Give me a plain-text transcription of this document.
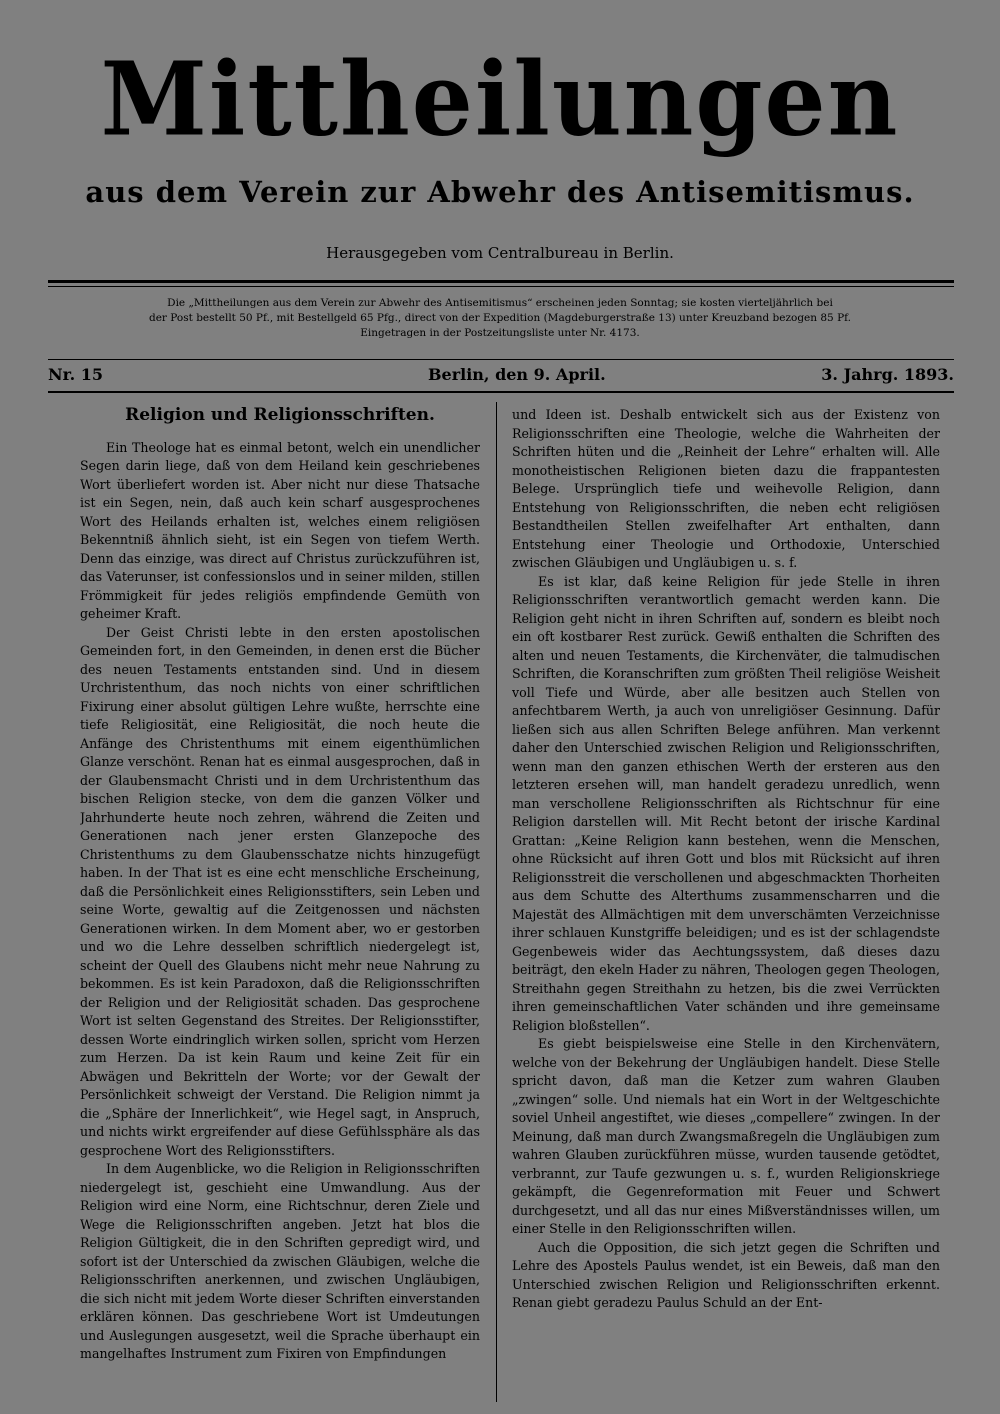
Mittheilungen
aus dem Verein zur Abwehr des Antisemitismus.
Herausgegeben vom Centralbureau in Berlin.
Die „Mittheilungen aus dem Verein zur Abwehr des Antisemitismus“ erscheinen jeden Sonntag; sie kosten vierteljährlich bei
der Post bestellt 50 Pf., mit Bestellgeld 65 Pfg., direct von der Expedition (Magdeburgerstraße 13) unter Kreuzband bezogen 85 Pf.
Eingetragen in der Postzeitungsliste unter Nr. 4173.
Nr. 15	Berlin, den 9. April.	3. Jahrg. 1893.
Religion und Religionsschriften.

Ein Theologe hat es einmal betont, welch ein unendlicher Segen darin liege, daß von dem Heiland kein geschriebenes Wort überliefert worden ist. Aber nicht nur diese Thatsache ist ein Segen, nein, daß auch kein scharf ausgesprochenes Wort des Heilands erhalten ist, welches einem religiösen Bekenntniß ähnlich sieht, ist ein Segen von tiefem Werth. Denn das einzige, was direct auf Christus zurückzuführen ist, das Vaterunser, ist confessionslos und in seiner milden, stillen Frömmigkeit für jedes religiös empfindende Gemüth von geheimer Kraft.

Der Geist Christi lebte in den ersten apostolischen Gemeinden fort, in den Gemeinden, in denen erst die Bücher des neuen Testaments entstanden sind. Und in diesem Urchristenthum, das noch nichts von einer schriftlichen Fixirung einer absolut gültigen Lehre wußte, herrschte eine tiefe Religiosität, eine Religiosität, die noch heute die Anfänge des Christenthums mit einem eigenthümlichen Glanze verschönt. Renan hat es einmal ausgesprochen, daß in der Glaubensmacht Christi und in dem Urchristenthum das bischen Religion stecke, von dem die ganzen Völker und Jahrhunderte heute noch zehren, während die Zeiten und Generationen nach jener ersten Glanzepoche des Christenthums zu dem Glaubensschatze nichts hinzugefügt haben. In der That ist es eine echt menschliche Erscheinung, daß die Persönlichkeit eines Religionsstifters, sein Leben und seine Worte, gewaltig auf die Zeitgenossen und nächsten Generationen wirken. In dem Moment aber, wo er gestorben und wo die Lehre desselben schriftlich niedergelegt ist, scheint der Quell des Glaubens nicht mehr neue Nahrung zu bekommen. Es ist kein Paradoxon, daß die Religionsschriften der Religion und der Religiosität schaden. Das gesprochene Wort ist selten Gegenstand des Streites. Der Religionsstifter, dessen Worte eindringlich wirken sollen, spricht vom Herzen zum Herzen. Da ist kein Raum und keine Zeit für ein Abwägen und Bekritteln der Worte; vor der Gewalt der Persönlichkeit schweigt der Verstand. Die Religion nimmt ja die „Sphäre der Innerlichkeit“, wie Hegel sagt, in Anspruch, und nichts wirkt ergreifender auf diese Gefühlssphäre als das gesprochene Wort des Religionsstifters.

In dem Augenblicke, wo die Religion in Religionsschriften niedergelegt ist, geschieht eine Umwandlung. Aus der Religion wird eine Norm, eine Richtschnur, deren Ziele und Wege die Religionsschriften angeben. Jetzt hat blos die Religion Gültigkeit, die in den Schriften gepredigt wird, und sofort ist der Unterschied da zwischen Gläubigen, welche die Religionsschriften anerkennen, und zwischen Ungläubigen, die sich nicht mit jedem Worte dieser Schriften einverstanden erklären können. Das geschriebene Wort ist Umdeutungen und Auslegungen ausgesetzt, weil die Sprache überhaupt ein mangelhaftes Instrument zum Fixiren von Empfindungen

und Ideen ist. Deshalb entwickelt sich aus der Existenz von Religionsschriften eine Theologie, welche die Wahrheiten der Schriften hüten und die „Reinheit der Lehre“ erhalten will. Alle monotheistischen Religionen bieten dazu die frappantesten Belege. Ursprünglich tiefe und weihevolle Religion, dann Entstehung von Religionsschriften, die neben echt religiösen Bestandtheilen Stellen zweifelhafter Art enthalten, dann Entstehung einer Theologie und Orthodoxie, Unterschied zwischen Gläubigen und Ungläubigen u. s. f.

Es ist klar, daß keine Religion für jede Stelle in ihren Religionsschriften verantwortlich gemacht werden kann. Die Religion geht nicht in ihren Schriften auf, sondern es bleibt noch ein oft kostbarer Rest zurück. Gewiß enthalten die Schriften des alten und neuen Testaments, die Kirchenväter, die talmudischen Schriften, die Koranschriften zum größten Theil religiöse Weisheit voll Tiefe und Würde, aber alle besitzen auch Stellen von anfechtbarem Werth, ja auch von unreligiöser Gesinnung. Dafür ließen sich aus allen Schriften Belege anführen. Man verkennt daher den Unterschied zwischen Religion und Religionsschriften, wenn man den ganzen ethischen Werth der ersteren aus den letzteren ersehen will, man handelt geradezu unredlich, wenn man verschollene Religionsschriften als Richtschnur für eine Religion darstellen will. Mit Recht betont der irische Kardinal Grattan: „Keine Religion kann bestehen, wenn die Menschen, ohne Rücksicht auf ihren Gott und blos mit Rücksicht auf ihren Religionsstreit die verschollenen und abgeschmackten Thorheiten aus dem Schutte des Alterthums zusammenscharren und die Majestät des Allmächtigen mit dem unverschämten Verzeichnisse ihrer schlauen Kunstgriffe beleidigen; und es ist der schlagendste Gegenbeweis wider das Aechtungssystem, daß dieses dazu beiträgt, den ekeln Hader zu nähren, Theologen gegen Theologen, Streithahn gegen Streithahn zu hetzen, bis die zwei Verrückten ihren gemeinschaftlichen Vater schänden und ihre gemeinsame Religion bloßstellen“.

Es giebt beispielsweise eine Stelle in den Kirchenvätern, welche von der Bekehrung der Ungläubigen handelt. Diese Stelle spricht davon, daß man die Ketzer zum wahren Glauben „zwingen“ solle. Und niemals hat ein Wort in der Weltgeschichte soviel Unheil angestiftet, wie dieses „compellere“ zwingen. In der Meinung, daß man durch Zwangsmaßregeln die Ungläubigen zum wahren Glauben zurückführen müsse, wurden tausende getödtet, verbrannt, zur Taufe gezwungen u. s. f., wurden Religionskriege gekämpft, die Gegenreformation mit Feuer und Schwert durchgesetzt, und all das nur eines Mißverständnisses willen, um einer Stelle in den Religionsschriften willen.

Auch die Opposition, die sich jetzt gegen die Schriften und Lehre des Apostels Paulus wendet, ist ein Beweis, daß man den Unterschied zwischen Religion und Religionsschriften erkennt. Renan giebt geradezu Paulus Schuld an der Ent-
